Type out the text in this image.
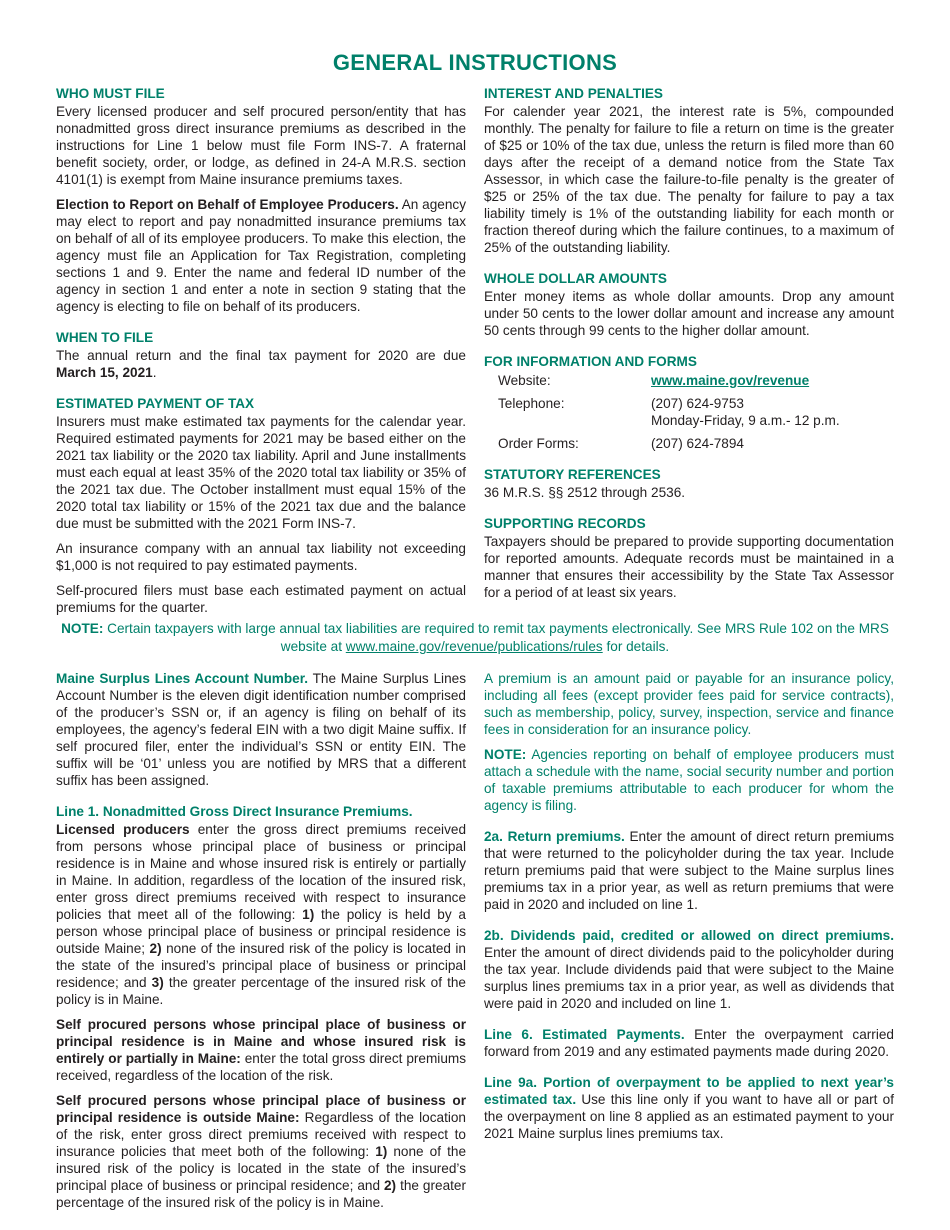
GENERAL INSTRUCTIONS
WHO MUST FILE

Every licensed producer and self procured person/entity that has nonadmitted gross direct insurance premiums as described in the instructions for Line 1 below must file Form INS-7. A fraternal benefit society, order, or lodge, as defined in 24-A M.R.S. section 4101(1) is exempt from Maine insurance premiums taxes.

Election to Report on Behalf of Employee Producers. An agency may elect to report and pay nonadmitted insurance premiums tax on behalf of all of its employee producers. To make this election, the agency must file an Application for Tax Registration, completing sections 1 and 9. Enter the name and federal ID number of the agency in section 1 and enter a note in section 9 stating that the agency is electing to file on behalf of its producers.

WHEN TO FILE

The annual return and the final tax payment for 2020 are due March 15, 2021.

ESTIMATED PAYMENT OF TAX

Insurers must make estimated tax payments for the calendar year. Required estimated payments for 2021 may be based either on the 2021 tax liability or the 2020 tax liability. April and June installments must each equal at least 35% of the 2020 total tax liability or 35% of the 2021 tax due. The October installment must equal 15% of the 2020 total tax liability or 15% of the 2021 tax due and the balance due must be submitted with the 2021 Form INS-7.

An insurance company with an annual tax liability not exceeding $1,000 is not required to pay estimated payments.

Self-procured filers must base each estimated payment on actual premiums for the quarter.

INTEREST AND PENALTIES

For calender year 2021, the interest rate is 5%, compounded monthly. The penalty for failure to file a return on time is the greater of $25 or 10% of the tax due, unless the return is filed more than 60 days after the receipt of a demand notice from the State Tax Assessor, in which case the failure-to-file penalty is the greater of $25 or 25% of the tax due. The penalty for failure to pay a tax liability timely is 1% of the outstanding liability for each month or fraction thereof during which the failure continues, to a maximum of 25% of the outstanding liability.

WHOLE DOLLAR AMOUNTS

Enter money items as whole dollar amounts. Drop any amount under 50 cents to the lower dollar amount and increase any amount 50 cents through 99 cents to the higher dollar amount.

FOR INFORMATION AND FORMS
Website:	www.maine.gov/revenue
Telephone:	(207) 624-9753
Monday-Friday, 9 a.m.- 12 p.m.

Order Forms:	(207) 624-7894
STATUTORY REFERENCES

36 M.R.S. §§ 2512 through 2536.

SUPPORTING RECORDS

Taxpayers should be prepared to provide supporting documentation for reported amounts. Adequate records must be maintained in a manner that ensures their accessibility by the State Tax Assessor for a period of at least six years.

NOTE: Certain taxpayers with large annual tax liabilities are required to remit tax payments electronically. See MRS Rule 102 on the MRS website at www.maine.gov/revenue/publications/rules for details.

Maine Surplus Lines Account Number. The Maine Surplus Lines Account Number is the eleven digit identification number comprised of the producer’s SSN or, if an agency is filing on behalf of its employees, the agency’s federal EIN with a two digit Maine suffix. If self procured filer, enter the individual’s SSN or entity EIN. The suffix will be ‘01’ unless you are notified by MRS that a different suffix has been assigned.

Line 1. Nonadmitted Gross Direct Insurance Premiums.

Licensed producers enter the gross direct premiums received from persons whose principal place of business or principal residence is in Maine and whose insured risk is entirely or partially in Maine. In addition, regardless of the location of the insured risk, enter gross direct premiums received with respect to insurance policies that meet all of the following: 1) the policy is held by a person whose principal place of business or principal residence is outside Maine; 2) none of the insured risk of the policy is located in the state of the insured’s principal place of business or principal residence; and 3) the greater percentage of the insured risk of the policy is in Maine.

Self procured persons whose principal place of business or principal residence is in Maine and whose insured risk is entirely or partially in Maine: enter the total gross direct premiums received, regardless of the location of the risk.

Self procured persons whose principal place of business or principal residence is outside Maine: Regardless of the location of the risk, enter gross direct premiums received with respect to insurance policies that meet both of the following: 1) none of the insured risk of the policy is located in the state of the insured’s principal place of business or principal residence; and 2) the greater percentage of the insured risk of the policy is in Maine.

A premium is an amount paid or payable for an insurance policy, including all fees (except provider fees paid for service contracts), such as membership, policy, survey, inspection, service and finance fees in consideration for an insurance policy.

NOTE: Agencies reporting on behalf of employee producers must attach a schedule with the name, social security number and portion of taxable premiums attributable to each producer for whom the agency is filing.

2a. Return premiums. Enter the amount of direct return premiums that were returned to the policyholder during the tax year. Include return premiums paid that were subject to the Maine surplus lines premiums tax in a prior year, as well as return premiums that were paid in 2020 and included on line 1.

2b. Dividends paid, credited or allowed on direct premiums. Enter the amount of direct dividends paid to the policyholder during the tax year. Include dividends paid that were subject to the Maine surplus lines premiums tax in a prior year, as well as dividends that were paid in 2020 and included on line 1.

Line 6. Estimated Payments. Enter the overpayment carried forward from 2019 and any estimated payments made during 2020.

Line 9a. Portion of overpayment to be applied to next year’s estimated tax. Use this line only if you want to have all or part of the overpayment on line 8 applied as an estimated payment to your 2021 Maine surplus lines premiums tax.
